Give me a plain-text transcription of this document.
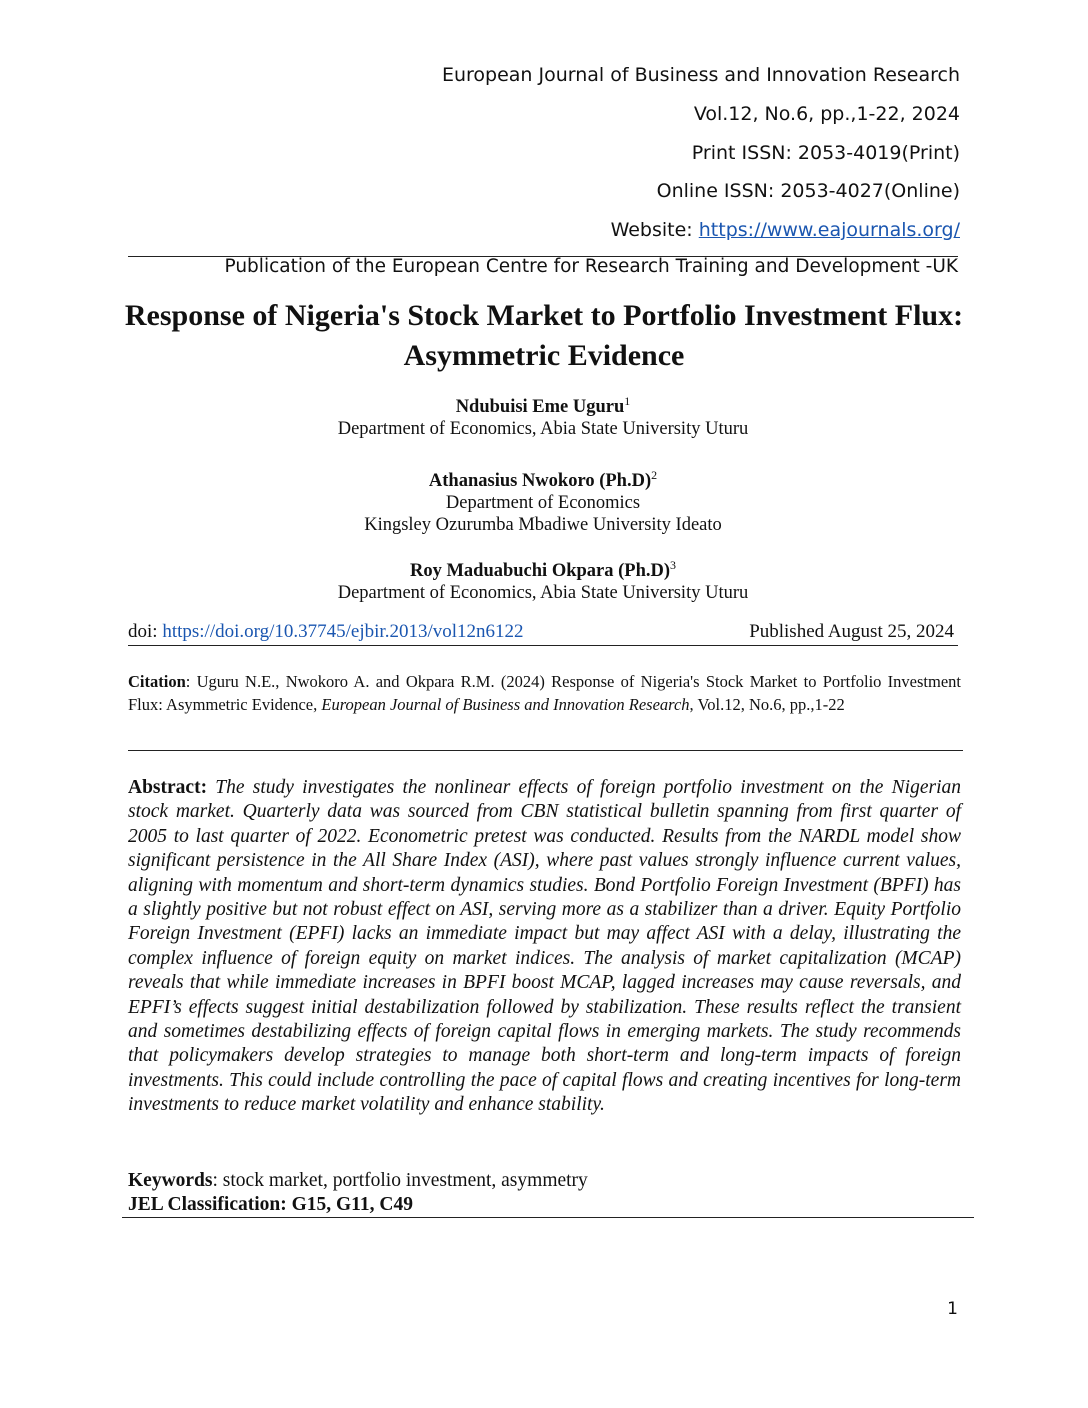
European Journal of Business and Innovation Research
Vol.12, No.6, pp.,1-22, 2024
Print ISSN: 2053-4019(Print)
Online ISSN: 2053-4027(Online)
Website: https://www.eajournals.org/
Publication of the European Centre for Research Training and Development -UK
Response of Nigeria's Stock Market to Portfolio Investment Flux: Asymmetric Evidence
Ndubuisi Eme Uguru$^1$
Department of Economics, Abia State University Uturu
Athanasius Nwokoro $(Ph.D)^2$
Department of Economics
Kingsley Ozurumba Mbadiwe University Ideato
Roy Maduabuchi Okpara $(Ph.D)^3$
Department of Economics, Abia State University Uturu
doi: https://doi.org/10.37745/ejbir.2013/vol12n6122	Published August 25, 2024
Citation: Uguru N.E., Nwokoro A. and Okpara R.M. (2024) Response of Nigeria's Stock Market to Portfolio Investment Flux: Asymmetric Evidence, European Journal of Business and Innovation Research, Vol.12, No.6, pp.,1-22
Abstract: The study investigates the nonlinear effects of foreign portfolio investment on the Nigerian stock market. Quarterly data was sourced from CBN statistical bulletin spanning from first quarter of 2005 to last quarter of 2022. Econometric pretest was conducted. Results from the NARDL model show significant persistence in the All Share Index (ASI), where past values strongly influence current values, aligning with momentum and short-term dynamics studies. Bond Portfolio Foreign Investment (BPFI) has a slightly positive but not robust effect on ASI, serving more as a stabilizer than a driver. Equity Portfolio Foreign Investment (EPFI) lacks an immediate impact but may affect ASI with a delay, illustrating the complex influence of foreign equity on market indices. The analysis of market capitalization (MCAP) reveals that while immediate increases in BPFI boost MCAP, lagged increases may cause reversals, and EPFI’s effects suggest initial destabilization followed by stabilization. These results reflect the transient and sometimes destabilizing effects of foreign capital flows in emerging markets. The study recommends that policymakers develop strategies to manage both short-term and long-term impacts of foreign investments. This could include controlling the pace of capital flows and creating incentives for long-term investments to reduce market volatility and enhance stability.
Keywords: stock market, portfolio investment, asymmetry
JEL Classification: G15, G11, C49
1
